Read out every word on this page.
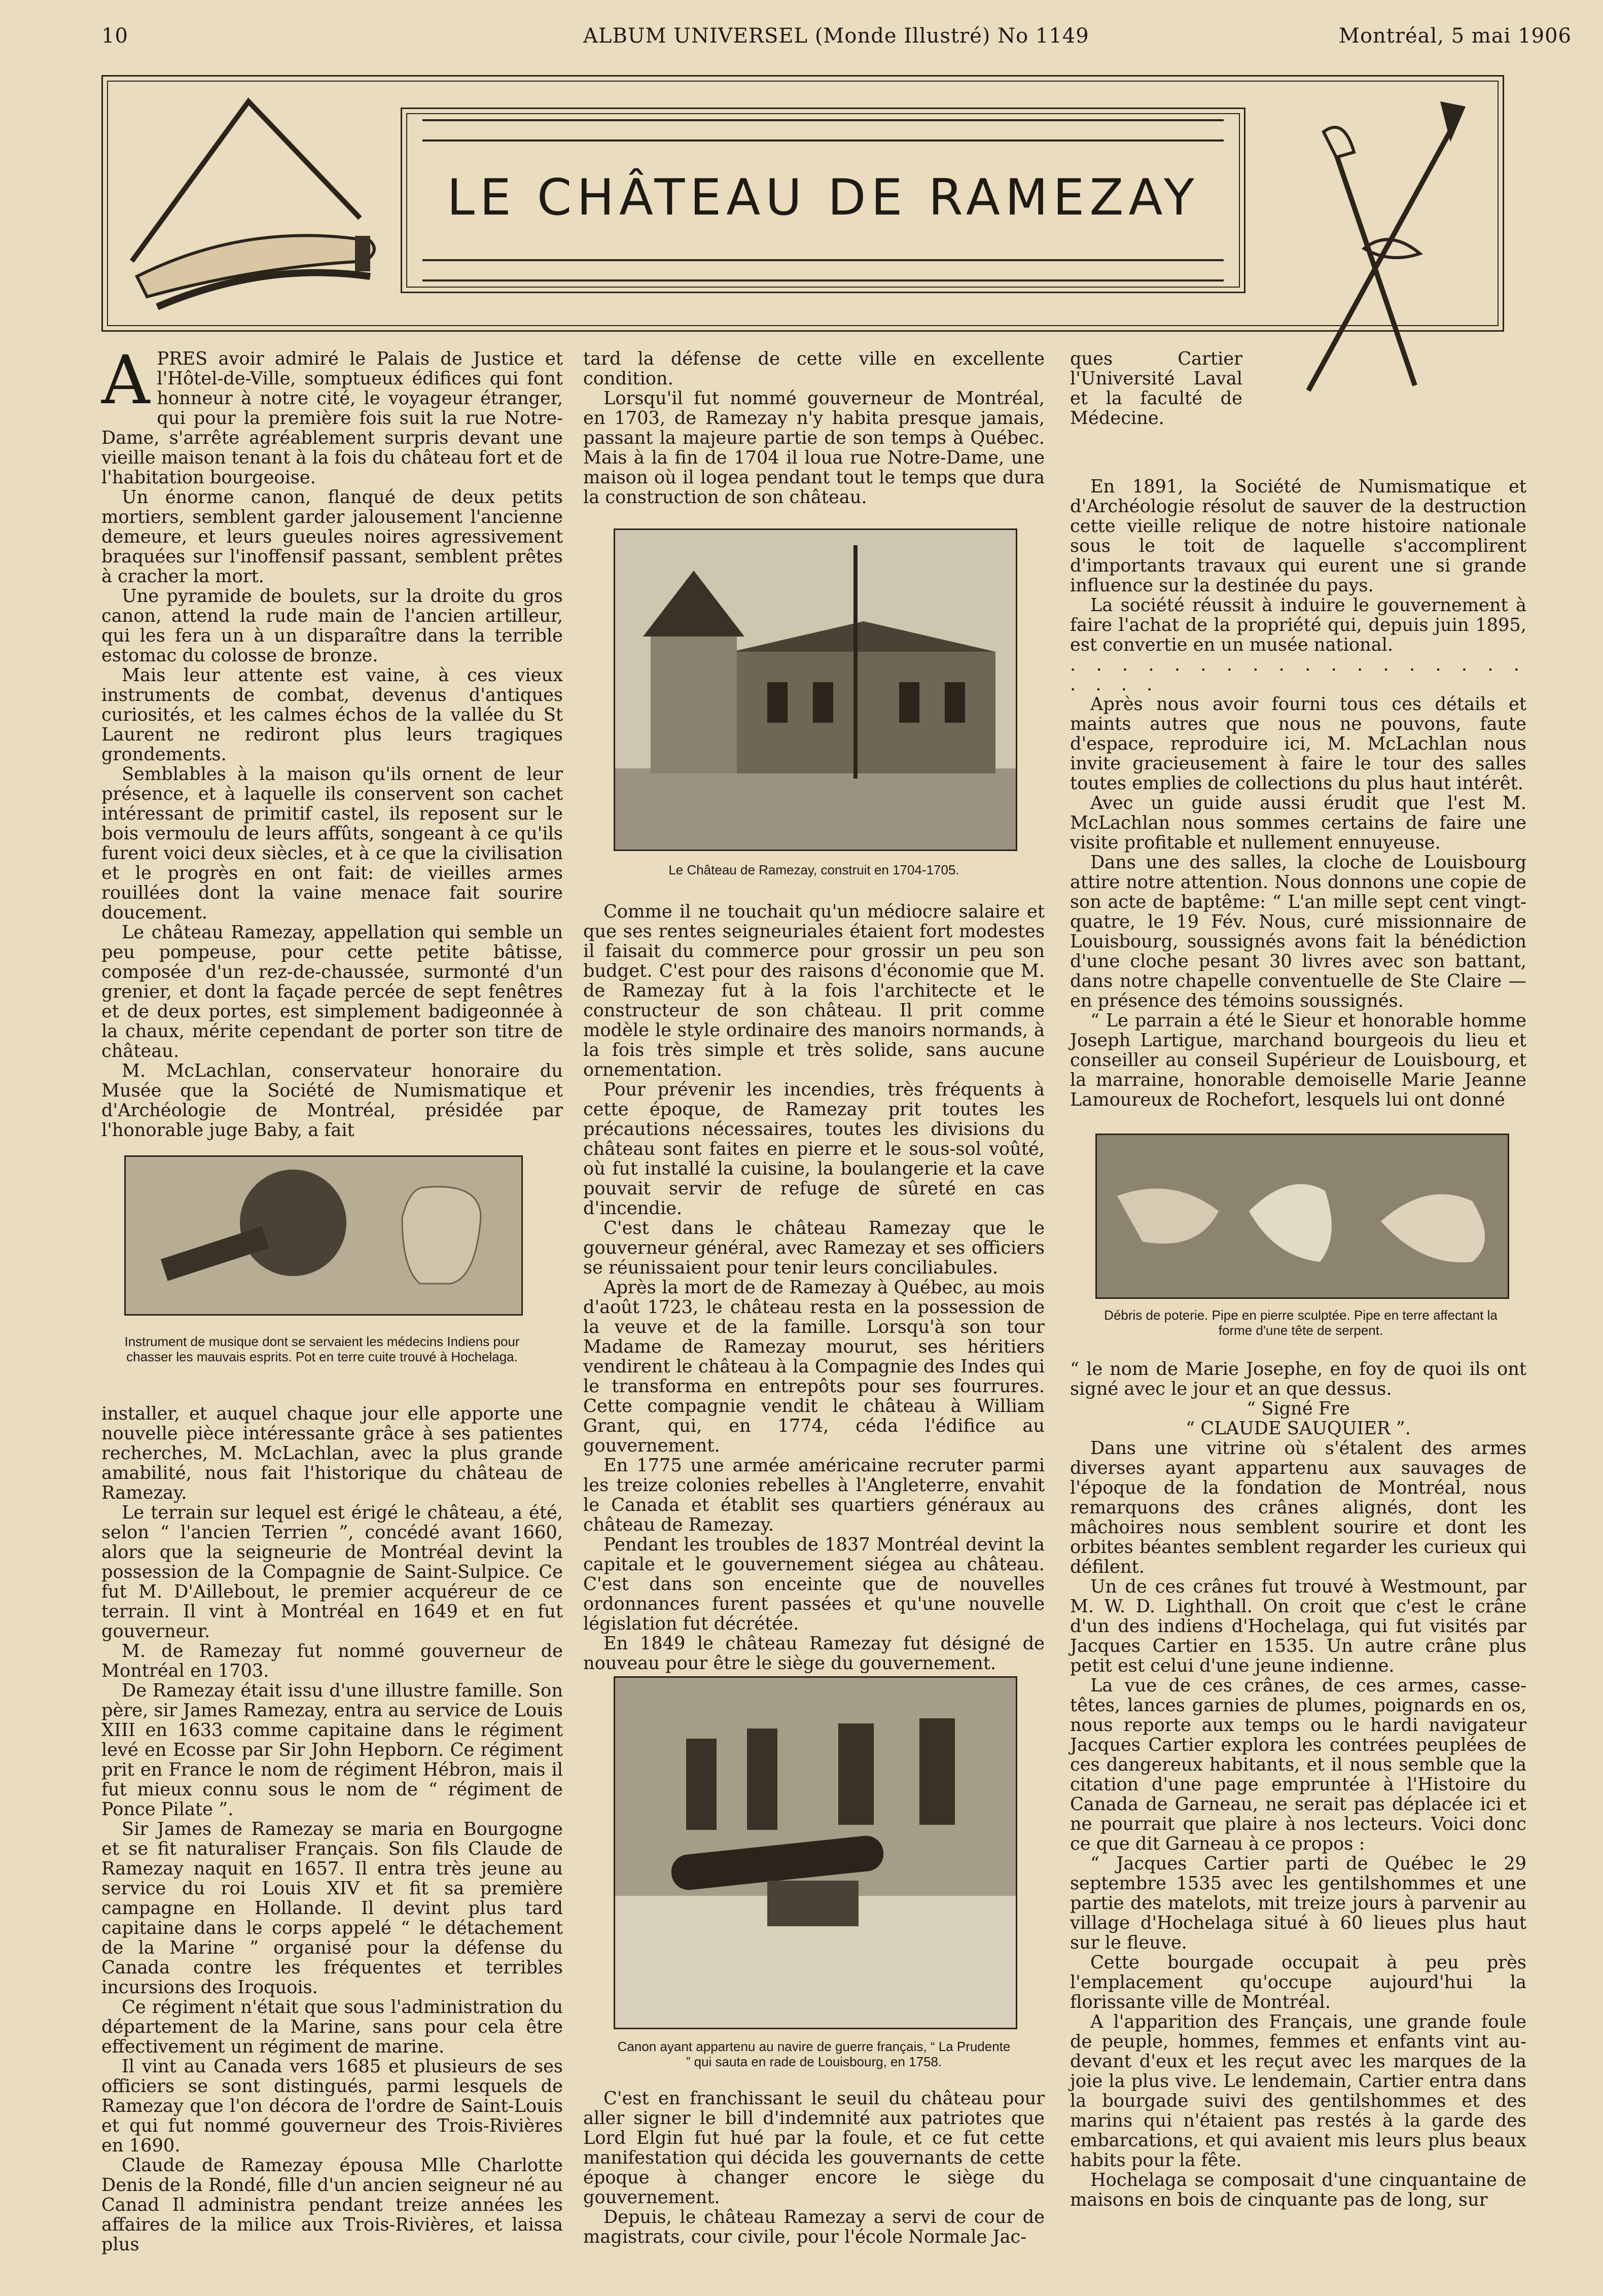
10	ALBUM UNIVERSEL (Monde Illustré) No 1149	Montréal, 5 mai 1906
LE CHÂTEAU DE RAMEZAY

APRES avoir admiré le Palais de Justice et l'Hôtel-de-Ville, somptueux édifices qui font honneur à notre cité, le voyageur étranger, qui pour la première fois suit la rue Notre-Dame, s'arrête agréablement surpris devant une vieille maison tenant à la fois du château fort et de l'habitation bourgeoise.

Un énorme canon, flanqué de deux petits mortiers, semblent garder jalousement l'ancienne demeure, et leurs gueules noires agressivement braquées sur l'inoffensif passant, semblent prêtes à cracher la mort.

Une pyramide de boulets, sur la droite du gros canon, attend la rude main de l'ancien artilleur, qui les fera un à un disparaître dans la terrible estomac du colosse de bronze.

Mais leur attente est vaine, à ces vieux instruments de combat, devenus d'antiques curiosités, et les calmes échos de la vallée du St Laurent ne rediront plus leurs tragiques grondements.

Semblables à la maison qu'ils ornent de leur présence, et à laquelle ils conservent son cachet intéressant de primitif castel, ils reposent sur le bois vermoulu de leurs affûts, songeant à ce qu'ils furent voici deux siècles, et à ce que la civilisation et le progrès en ont fait: de vieilles armes rouillées dont la vaine menace fait sourire doucement.

Le château Ramezay, appellation qui semble un peu pompeuse, pour cette petite bâtisse, composée d'un rez-de-chaussée, surmonté d'un grenier, et dont la façade percée de sept fenêtres et de deux portes, est simplement badigeonnée à la chaux, mérite cependant de porter son titre de château.

M. McLachlan, conservateur honoraire du Musée que la Société de Numismatique et d'Archéologie de Montréal, présidée par l'honorable juge Baby, a fait

Instrument de musique dont se servaient les médecins Indiens pour chasser les mauvais esprits. Pot en terre cuite trouvé à Hochelaga.

installer, et auquel chaque jour elle apporte une nouvelle pièce intéressante grâce à ses patientes recherches, M. McLachlan, avec la plus grande amabilité, nous fait l'historique du château de Ramezay.

Le terrain sur lequel est érigé le château, a été, selon “ l'ancien Terrien ”, concédé avant 1660, alors que la seigneurie de Montréal devint la possession de la Compagnie de Saint-Sulpice. Ce fut M. D'Aillebout, le premier acquéreur de ce terrain. Il vint à Montréal en 1649 et en fut gouverneur.

M. de Ramezay fut nommé gouverneur de Montréal en 1703.

De Ramezay était issu d'une illustre famille. Son père, sir James Ramezay, entra au service de Louis XIII en 1633 comme capitaine dans le régiment levé en Ecosse par Sir John Hepborn. Ce régiment prit en France le nom de régiment Hébron, mais il fut mieux connu sous le nom de “ régiment de Ponce Pilate ”.

Sir James de Ramezay se maria en Bourgogne et se fit naturaliser Français. Son fils Claude de Ramezay naquit en 1657. Il entra très jeune au service du roi Louis XIV et fit sa première campagne en Hollande. Il devint plus tard capitaine dans le corps appelé “ le détachement de la Marine ” organisé pour la défense du Canada contre les fréquentes et terribles incursions des Iroquois.

Ce régiment n'était que sous l'administration du département de la Marine, sans pour cela être effectivement un régiment de marine.

Il vint au Canada vers 1685 et plusieurs de ses officiers se sont distingués, parmi lesquels de Ramezay que l'on décora de l'ordre de Saint-Louis et qui fut nommé gouverneur des Trois-Rivières en 1690.

Claude de Ramezay épousa Mlle Charlotte Denis de la Rondé, fille d'un ancien seigneur né au Canad Il administra pendant treize années les affaires de la milice aux Trois-Rivières, et laissa plus

tard la défense de cette ville en excellente condition.

Lorsqu'il fut nommé gouverneur de Montréal, en 1703, de Ramezay n'y habita presque jamais, passant la majeure partie de son temps à Québec. Mais à la fin de 1704 il loua rue Notre-Dame, une maison où il logea pendant tout le temps que dura la construction de son château.

Le Château de Ramezay, construit en 1704-1705.

Comme il ne touchait qu'un médiocre salaire et que ses rentes seigneuriales étaient fort modestes il faisait du commerce pour grossir un peu son budget. C'est pour des raisons d'économie que M. de Ramezay fut à la fois l'architecte et le constructeur de son château. Il prit comme modèle le style ordinaire des manoirs normands, à la fois très simple et très solide, sans aucune ornementation.

Pour prévenir les incendies, très fréquents à cette époque, de Ramezay prit toutes les précautions nécessaires, toutes les divisions du château sont faites en pierre et le sous-sol voûté, où fut installé la cuisine, la boulangerie et la cave pouvait servir de refuge de sûreté en cas d'incendie.

C'est dans le château Ramezay que le gouverneur général, avec Ramezay et ses officiers se réunissaient pour tenir leurs conciliabules.

Après la mort de de Ramezay à Québec, au mois d'août 1723, le château resta en la possession de la veuve et de la famille. Lorsqu'à son tour Madame de Ramezay mourut, ses héritiers vendirent le château à la Compagnie des Indes qui le transforma en entrepôts pour ses fourrures. Cette compagnie vendit le château à William Grant, qui, en 1774, céda l'édifice au gouvernement.

En 1775 une armée américaine recruter parmi les treize colonies rebelles à l'Angleterre, envahit le Canada et établit ses quartiers généraux au château de Ramezay.

Pendant les troubles de 1837 Montréal devint la capitale et le gouvernement siégea au château. C'est dans son enceinte que de nouvelles ordonnances furent passées et qu'une nouvelle législation fut décrétée.

En 1849 le château Ramezay fut désigné de nouveau pour être le siège du gouvernement.

Canon ayant appartenu au navire de guerre français, “ La Prudente ” qui sauta en rade de Louisbourg, en 1758.

C'est en franchissant le seuil du château pour aller signer le bill d'indemnité aux patriotes que Lord Elgin fut hué par la foule, et ce fut cette manifestation qui décida les gouvernants de cette époque à changer encore le siège du gouvernement.

Depuis, le château Ramezay a servi de cour de magistrats, cour civile, pour l'école Normale Jac-

ques Cartier l'Université Laval et la faculté de Médecine.

En 1891, la Société de Numismatique et d'Archéologie résolut de sauver de la destruction cette vieille relique de notre histoire nationale sous le toit de laquelle s'accomplirent d'importants travaux qui eurent une si grande influence sur la destinée du pays.

La société réussit à induire le gouvernement à faire l'achat de la propriété qui, depuis juin 1895, est convertie en un musée national.

. . . . . . . . . . . . . . . . . . . . . .

Après nous avoir fourni tous ces détails et maints autres que nous ne pouvons, faute d'espace, reproduire ici, M. McLachlan nous invite gracieusement à faire le tour des salles toutes emplies de collections du plus haut intérêt.

Avec un guide aussi érudit que l'est M. McLachlan nous sommes certains de faire une visite profitable et nullement ennuyeuse.

Dans une des salles, la cloche de Louisbourg attire notre attention. Nous donnons une copie de son acte de baptême: “ L'an mille sept cent vingt-quatre, le 19 Fév. Nous, curé missionnaire de Louisbourg, soussignés avons fait la bénédiction d'une cloche pesant 30 livres avec son battant, dans notre chapelle conventuelle de Ste Claire — en présence des témoins soussignés.

“ Le parrain a été le Sieur et honorable homme Joseph Lartigue, marchand bourgeois du lieu et conseiller au conseil Supérieur de Louisbourg, et la marraine, honorable demoiselle Marie Jeanne Lamoureux de Rochefort, lesquels lui ont donné

Débris de poterie. Pipe en pierre sculptée. Pipe en terre affectant la forme d'une tête de serpent.

“ le nom de Marie Josephe, en foy de quoi ils ont signé avec le jour et an que dessus.

“ Signé Fre

“ CLAUDE SAUQUIER ”.

Dans une vitrine où s'étalent des armes diverses ayant appartenu aux sauvages de l'époque de la fondation de Montréal, nous remarquons des crânes alignés, dont les mâchoires nous semblent sourire et dont les orbites béantes semblent regarder les curieux qui défilent.

Un de ces crânes fut trouvé à Westmount, par M. W. D. Lighthall. On croit que c'est le crâne d'un des indiens d'Hochelaga, qui fut visités par Jacques Cartier en 1535. Un autre crâne plus petit est celui d'une jeune indienne.

La vue de ces crânes, de ces armes, casse-têtes, lances garnies de plumes, poignards en os, nous reporte aux temps ou le hardi navigateur Jacques Cartier explora les contrées peuplées de ces dangereux habitants, et il nous semble que la citation d'une page empruntée à l'Histoire du Canada de Garneau, ne serait pas déplacée ici et ne pourrait que plaire à nos lecteurs. Voici donc ce que dit Garneau à ce propos :

“ Jacques Cartier parti de Québec le 29 septembre 1535 avec les gentilshommes et une partie des matelots, mit treize jours à parvenir au village d'Hochelaga situé à 60 lieues plus haut sur le fleuve.

Cette bourgade occupait à peu près l'emplacement qu'occupe aujourd'hui la florissante ville de Montréal.

A l'apparition des Français, une grande foule de peuple, hommes, femmes et enfants vint au-devant d'eux et les reçut avec les marques de la joie la plus vive. Le lendemain, Cartier entra dans la bourgade suivi des gentilshommes et des marins qui n'étaient pas restés à la garde des embarcations, et qui avaient mis leurs plus beaux habits pour la fête.

Hochelaga se composait d'une cinquantaine de maisons en bois de cinquante pas de long, sur
